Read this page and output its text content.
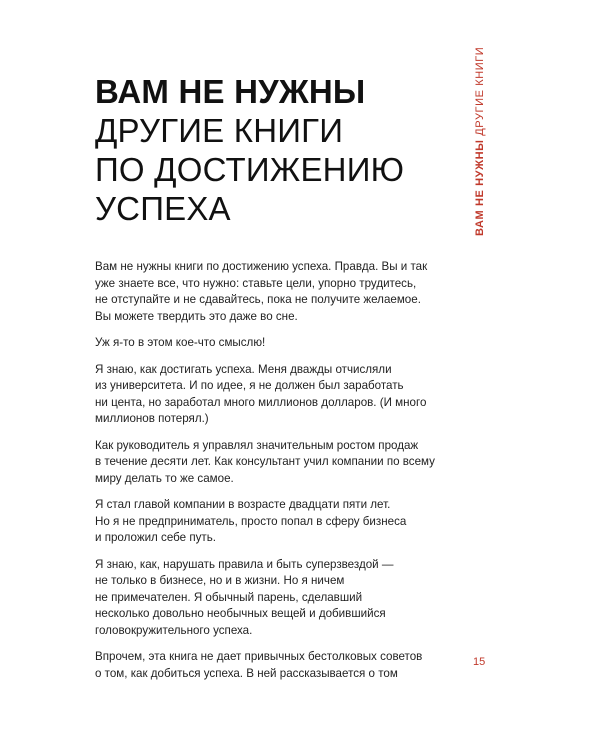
ВАМ НЕ НУЖНЫ
ДРУГИЕ КНИГИ
ПО ДОСТИЖЕНИЮ
УСПЕХА	ВАМ НЕ НУЖНЫ ДРУГИЕ КНИГИ

Вам не нужны книги по достижению успеха. Правда. Вы и так
уже знаете все, что нужно: ставьте цели, упорно трудитесь,
не отступайте и не сдавайтесь, пока не получите желаемое.
Вы можете твердить это даже во сне.

Уж я-то в этом кое-что смыслю!

Я знаю, как достигать успеха. Меня дважды отчисляли
из университета. И по идее, я не должен был заработать
ни цента, но заработал много миллионов долларов. (И много
миллионов потерял.)

Как руководитель я управлял значительным ростом продаж
в течение десяти лет. Как консультант учил компании по всему
миру делать то же самое.

Я стал главой компании в возрасте двадцати пяти лет.
Но я не предприниматель, просто попал в сферу бизнеса
и проложил себе путь.

Я знаю, как, нарушать правила и быть суперзвездой —
не только в бизнесе, но и в жизни. Но я ничем
не примечателен. Я обычный парень, сделавший
несколько довольно необычных вещей и добившийся
головокружительного успеха.

Впрочем, эта книга не дает привычных бестолковых советов
о том, как добиться успеха. В ней рассказывается о том

15
